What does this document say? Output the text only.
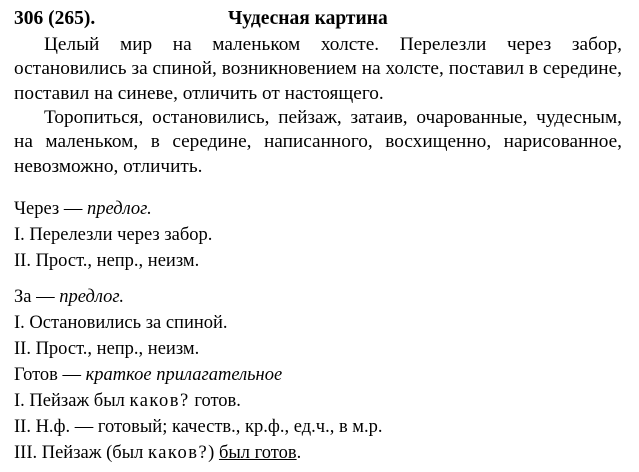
306 (265).	Чудесная картина

Целый мир на маленьком холсте. Перелезли через забор, остановились за спиной, возникновением на холсте, поставил в середине, поставил на синеве, отличить от настоящего.

Торопиться, остановились, пейзаж, затаив, очарованные, чудесным, на маленьком, в середине, написанного, восхищенно, нарисованное, невозможно, отличить.

Через — предлог.
I. Перелезли через забор.
II. Прост., непр., неизм.
За — предлог.
I. Остановились за спиной.
II. Прост., непр., неизм.
Готов — краткое прилагательное
I. Пейзаж был каков? готов.
II. Н.ф. — готовый; качеств., кр.ф., ед.ч., в м.р.
III. Пейзаж (был каков?) был готов.
